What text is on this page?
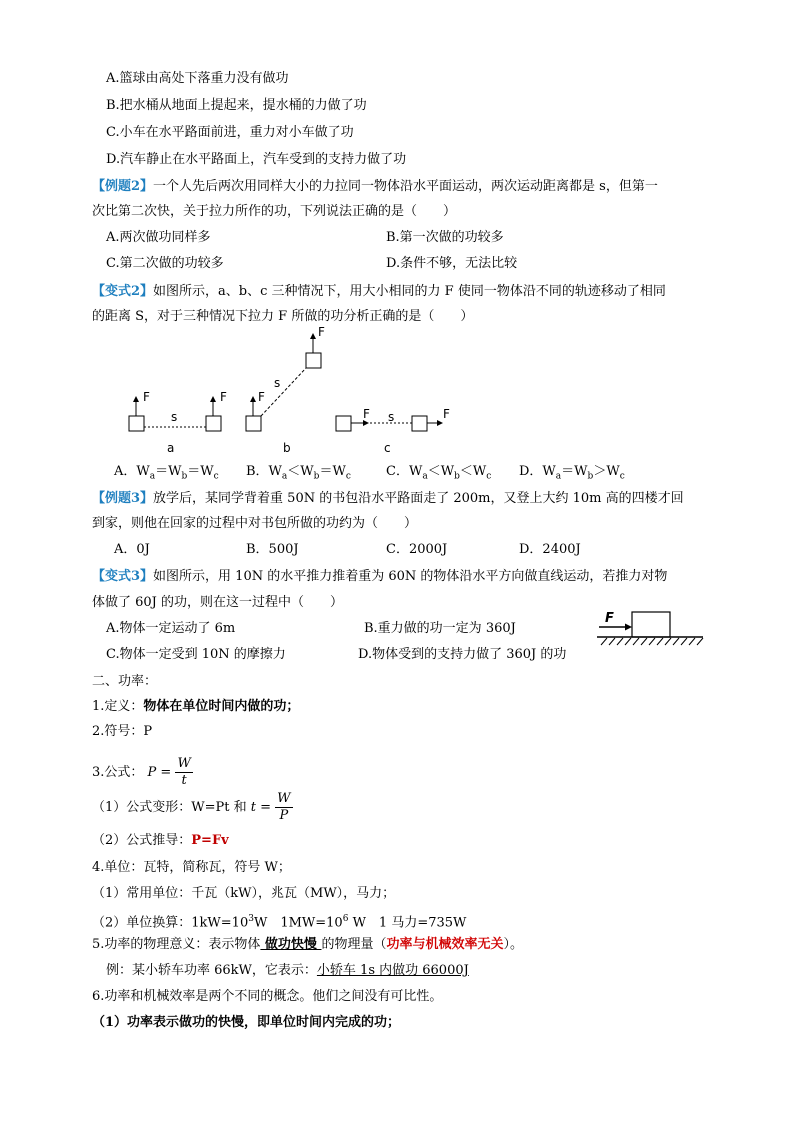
A.篮球由高处下落重力没有做功
B.把水桶从地面上提起来，提水桶的力做了功
C.小车在水平路面前进，重力对小车做了功
D.汽车静止在水平路面上，汽车受到的支持力做了功
【例题2】一个人先后两次用同样大小的力拉同一物体沿水平面运动，两次运动距离都是 s，但第一
次比第二次快，关于拉力所作的功，下列说法正确的是（　　）
A.两次做功同样多	B.第一次做的功较多
C.第二次做的功较多	D.条件不够，无法比较
【变式2】如图所示，a、b、c 三种情况下，用大小相同的力 F 使同一物体沿不同的轨迹移动了相同
的距离 S，对于三种情况下拉力 F 所做的功分析正确的是（　　）
F	F	F
F
F	F
s
s
s
a	b	c
A．$W_a=W_b=W_c$ B．$W_a<W_b=W_c$	C．$W_a<W_b<W_c$ D．$W_a=W_b>W_c$
【例题3】放学后，某同学背着重 50N 的书包沿水平路面走了 200m，又登上大约 10m 高的四楼才回
到家，则他在回家的过程中对书包所做的功约为（　　）
A．0J	B．500J	C．2000J	D．2400J
【变式3】如图所示，用 10N 的水平推力推着重为 60N 的物体沿水平方向做直线运动，若推力对物
体做了 60J 的功，则在这一过程中（　　）
A.物体一定运动了 6m	B.重力做的功一定为 360J
C.物体一定受到 10N 的摩擦力	D.物体受到的支持力做了 360J 的功
F
二、功率：
1.定义：物体在单位时间内做的功；
2.符号：P
3.公式： $P = \frac{W}{t}$
（1）公式变形：W=Pt 和 $t = \frac{W}{P}$
（2）公式推导：P=Fv
4.单位：瓦特，简称瓦，符号 W；
（1）常用单位：千瓦（kW），兆瓦（MW），马力；
（2）单位换算：$1kW=10^3W$　$1MW=10^6$ W　1 马力=735W
5.功率的物理意义：表示物体 做功快慢 的物理量（功率与机械效率无关）。
例：某小轿车功率 66kW，它表示：小轿车 1s 内做功 66000J
6.功率和机械效率是两个不同的概念。他们之间没有可比性。
（1）功率表示做功的快慢，即单位时间内完成的功；
